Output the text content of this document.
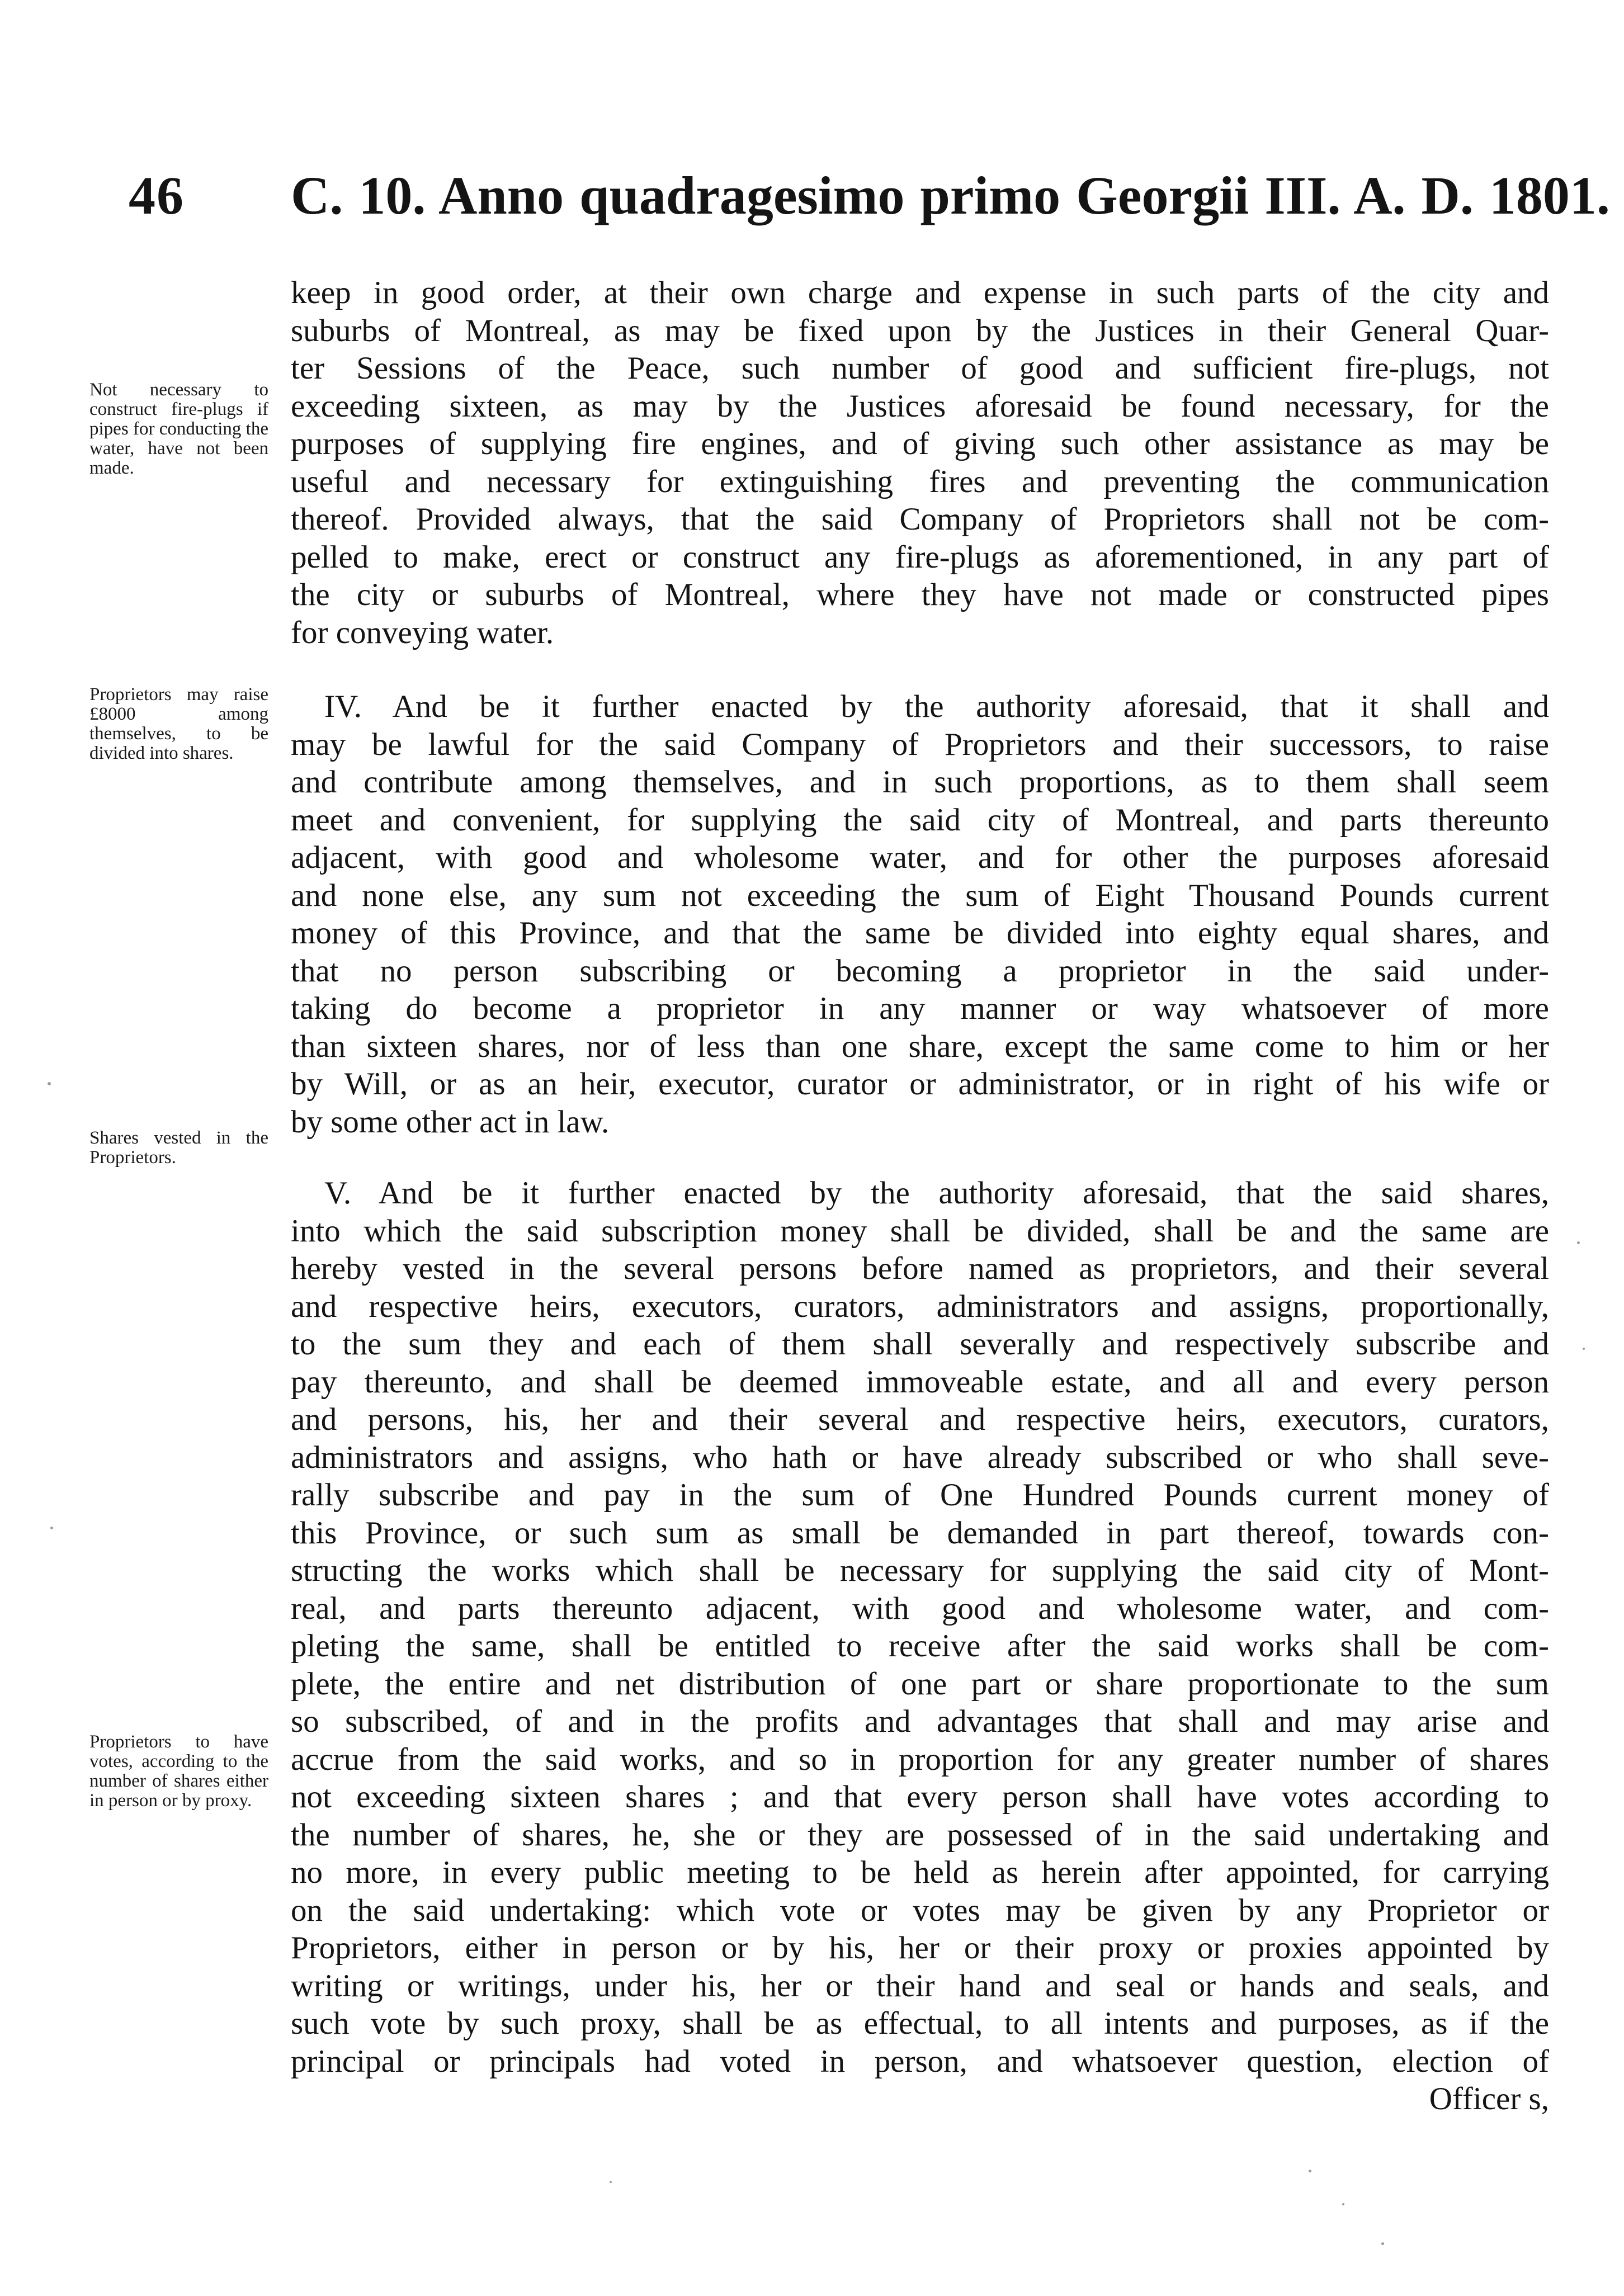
46 C. 10. Anno quadragesimo primo Georgii III. A. D. 1801.
Not necessary to construct fire-plugs if pipes for conducting the water, have not been made.
Proprietors may raise £8000 among themselves, to be divided into shares.
Shares vested in the Proprietors.
Proprietors to have votes, according to the number of shares either in person or by proxy.
keep in good order, at their own charge and expense in such parts of the city and
suburbs of Montreal, as may be fixed upon by the Justices in their General Quar-
ter Sessions of the Peace, such number of good and sufficient fire-plugs, not
exceeding sixteen, as may by the Justices aforesaid be found necessary, for the
purposes of supplying fire engines, and of giving such other assistance as may be
useful and necessary for extinguishing fires and preventing the communication
thereof. Provided always, that the said Company of Proprietors shall not be com-
pelled to make, erect or construct any fire-plugs as aforementioned, in any part of
the city or suburbs of Montreal, where they have not made or constructed pipes
for conveying water.
IV. And be it further enacted by the authority aforesaid, that it shall and
may be lawful for the said Company of Proprietors and their successors, to raise
and contribute among themselves, and in such proportions, as to them shall seem
meet and convenient, for supplying the said city of Montreal, and parts thereunto
adjacent, with good and wholesome water, and for other the purposes aforesaid
and none else, any sum not exceeding the sum of Eight Thousand Pounds current
money of this Province, and that the same be divided into eighty equal shares, and
that no person subscribing or becoming a proprietor in the said under-
taking do become a proprietor in any manner or way whatsoever of more
than sixteen shares, nor of less than one share, except the same come to him or her
by Will, or as an heir, executor, curator or administrator, or in right of his wife or
by some other act in law.
V. And be it further enacted by the authority aforesaid, that the said shares,
into which the said subscription money shall be divided, shall be and the same are
hereby vested in the several persons before named as proprietors, and their several
and respective heirs, executors, curators, administrators and assigns, proportionally,
to the sum they and each of them shall severally and respectively subscribe and
pay thereunto, and shall be deemed immoveable estate, and all and every person
and persons, his, her and their several and respective heirs, executors, curators,
administrators and assigns, who hath or have already subscribed or who shall seve-
rally subscribe and pay in the sum of One Hundred Pounds current money of
this Province, or such sum as small be demanded in part thereof, towards con-
structing the works which shall be necessary for supplying the said city of Mont-
real, and parts thereunto adjacent, with good and wholesome water, and com-
pleting the same, shall be entitled to receive after the said works shall be com-
plete, the entire and net distribution of one part or share proportionate to the sum
so subscribed, of and in the profits and advantages that shall and may arise and
accrue from the said works, and so in proportion for any greater number of shares
not exceeding sixteen shares ; and that every person shall have votes according to
the number of shares, he, she or they are possessed of in the said undertaking and
no more, in every public meeting to be held as herein after appointed, for carrying
on the said undertaking: which vote or votes may be given by any Proprietor or
Proprietors, either in person or by his, her or their proxy or proxies appointed by
writing or writings, under his, her or their hand and seal or hands and seals, and
such vote by such proxy, shall be as effectual, to all intents and purposes, as if the
principal or principals had voted in person, and whatsoever question, election of
Officer s,
